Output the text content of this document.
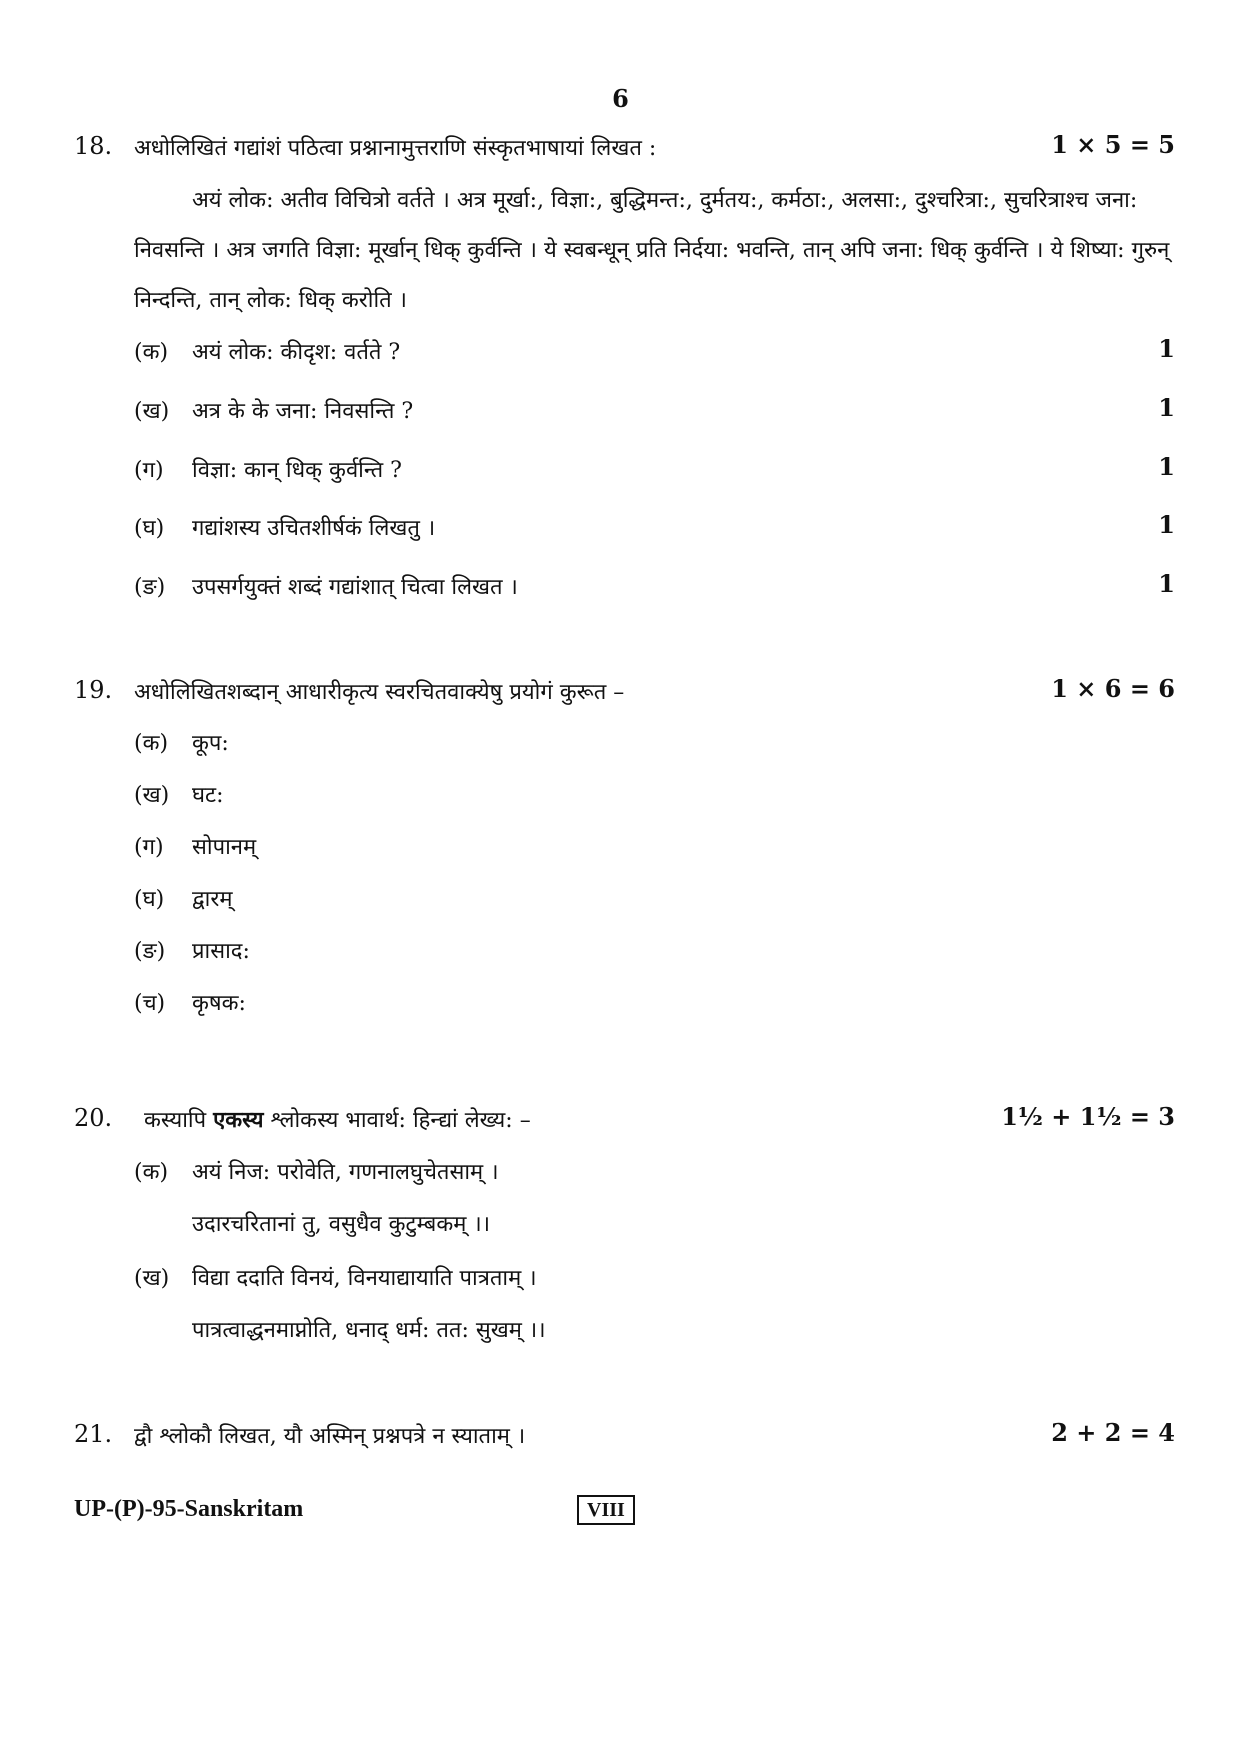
6
18. अधोलिखितं गद्यांशं पठित्वा प्रश्नानामुत्तराणि संस्कृतभाषायां लिखत :	1 × 5 = 5
अयं लोक: अतीव विचित्रो वर्तते । अत्र मूर्खा:, विज्ञा:, बुद्धिमन्त:, दुर्मतय:, कर्मठा:, अलसा:, दुश्चरित्रा:, सुचरित्राश्च जना: निवसन्ति । अत्र जगति विज्ञा: मूर्खान् धिक् कुर्वन्ति । ये स्वबन्धून् प्रति निर्दया: भवन्ति, तान् अपि जना: धिक् कुर्वन्ति । ये शिष्या: गुरुन् निन्दन्ति, तान् लोक: धिक् करोति ।
(क) अयं लोक: कीदृश: वर्तते ?	1
(ख) अत्र के के जना: निवसन्ति ?	1
(ग) विज्ञा: कान् धिक् कुर्वन्ति ?	1
(घ) गद्यांशस्य उचितशीर्षकं लिखतु ।	1
(ङ) उपसर्गयुक्तं शब्दं गद्यांशात् चित्वा लिखत ।	1
19. अधोलिखितशब्दान् आधारीकृत्य स्वरचितवाक्येषु प्रयोगं कुरूत –	1 × 6 = 6
(क) कूप:
(ख) घट:
(ग) सोपानम्
(घ) द्वारम्
(ङ) प्रासाद:
(च) कृषक:
20. कस्यापि एकस्य श्लोकस्य भावार्थ: हिन्द्यां लेख्य: –	1½ + 1½ = 3
(क) अयं निज: परोवेति, गणनालघुचेतसाम् ।
उदारचरितानां तु, वसुधैव कुटुम्बकम् ।।
(ख) विद्या ददाति विनयं, विनयाद्यायाति पात्रताम् ।
पात्रत्वाद्धनमाप्नोति, धनाद् धर्म: तत: सुखम् ।।
21. द्वौ श्लोकौ लिखत, यौ अस्मिन् प्रश्नपत्रे न स्याताम् ।	2 + 2 = 4
UP-(P)-95-Sanskritam	VIII
